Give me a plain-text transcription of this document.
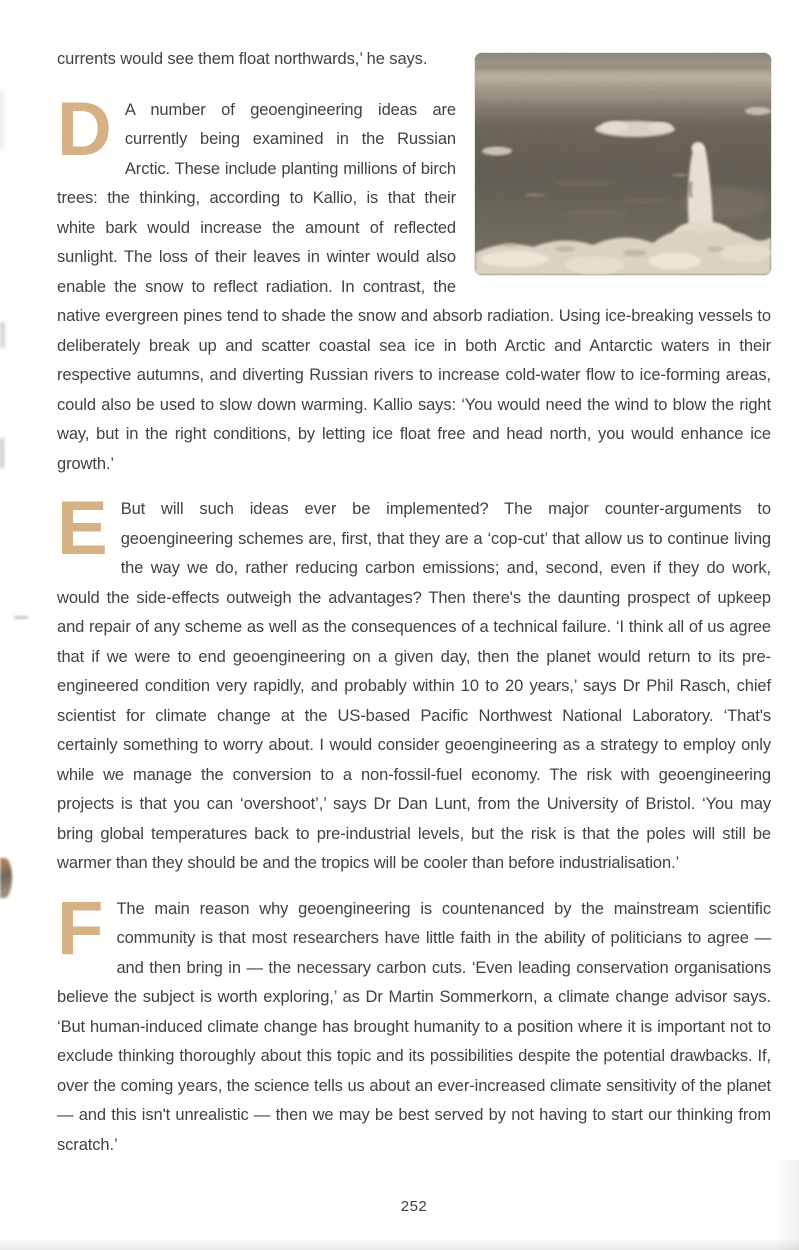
currents would see them float northwards,’ he says.

D A number of geoengineering ideas are currently being examined in the Russian Arctic. These include planting millions of birch trees: the thinking, according to Kallio, is that their white bark would increase the amount of reflected sunlight. The loss of their leaves in winter would also enable the snow to reflect radiation. In contrast, the native evergreen pines tend to shade the snow and absorb radiation. Using ice-breaking vessels to deliberately break up and scatter coastal sea ice in both Arctic and Antarctic waters in their respective autumns, and diverting Russian rivers to increase cold-water flow to ice-forming areas, could also be used to slow down warming. Kallio says: ‘You would need the wind to blow the right way, but in the right conditions, by letting ice float free and head north, you would enhance ice growth.’

E But will such ideas ever be implemented? The major counter-arguments to geoengineering schemes are, first, that they are a ‘cop-cut’ that allow us to continue living the way we do, rather reducing carbon emissions; and, second, even if they do work, would the side-effects outweigh the advantages? Then there's the daunting prospect of upkeep and repair of any scheme as well as the consequences of a technical failure. ‘I think all of us agree that if we were to end geoengineering on a given day, then the planet would return to its pre-engineered condition very rapidly, and probably within 10 to 20 years,’ says Dr Phil Rasch, chief scientist for climate change at the US-based Pacific Northwest National Laboratory. ‘That's certainly something to worry about. I would consider geoengineering as a strategy to employ only while we manage the conversion to a non-fossil-fuel economy. The risk with geoengineering projects is that you can ‘overshoot’,’ says Dr Dan Lunt, from the University of Bristol. ‘You may bring global temperatures back to pre-industrial levels, but the risk is that the poles will still be warmer than they should be and the tropics will be cooler than before industrialisation.’

F The main reason why geoengineering is countenanced by the mainstream scientific community is that most researchers have little faith in the ability of politicians to agree — and then bring in — the necessary carbon cuts. ‘Even leading conservation organisations believe the subject is worth exploring,’ as Dr Martin Sommerkorn, a climate change advisor says. ‘But human-induced climate change has brought humanity to a position where it is important not to exclude thinking thoroughly about this topic and its possibilities despite the potential drawbacks. If, over the coming years, the science tells us about an ever-increased climate sensitivity of the planet — and this isn't unrealistic — then we may be best served by not having to start our thinking from scratch.’

252
